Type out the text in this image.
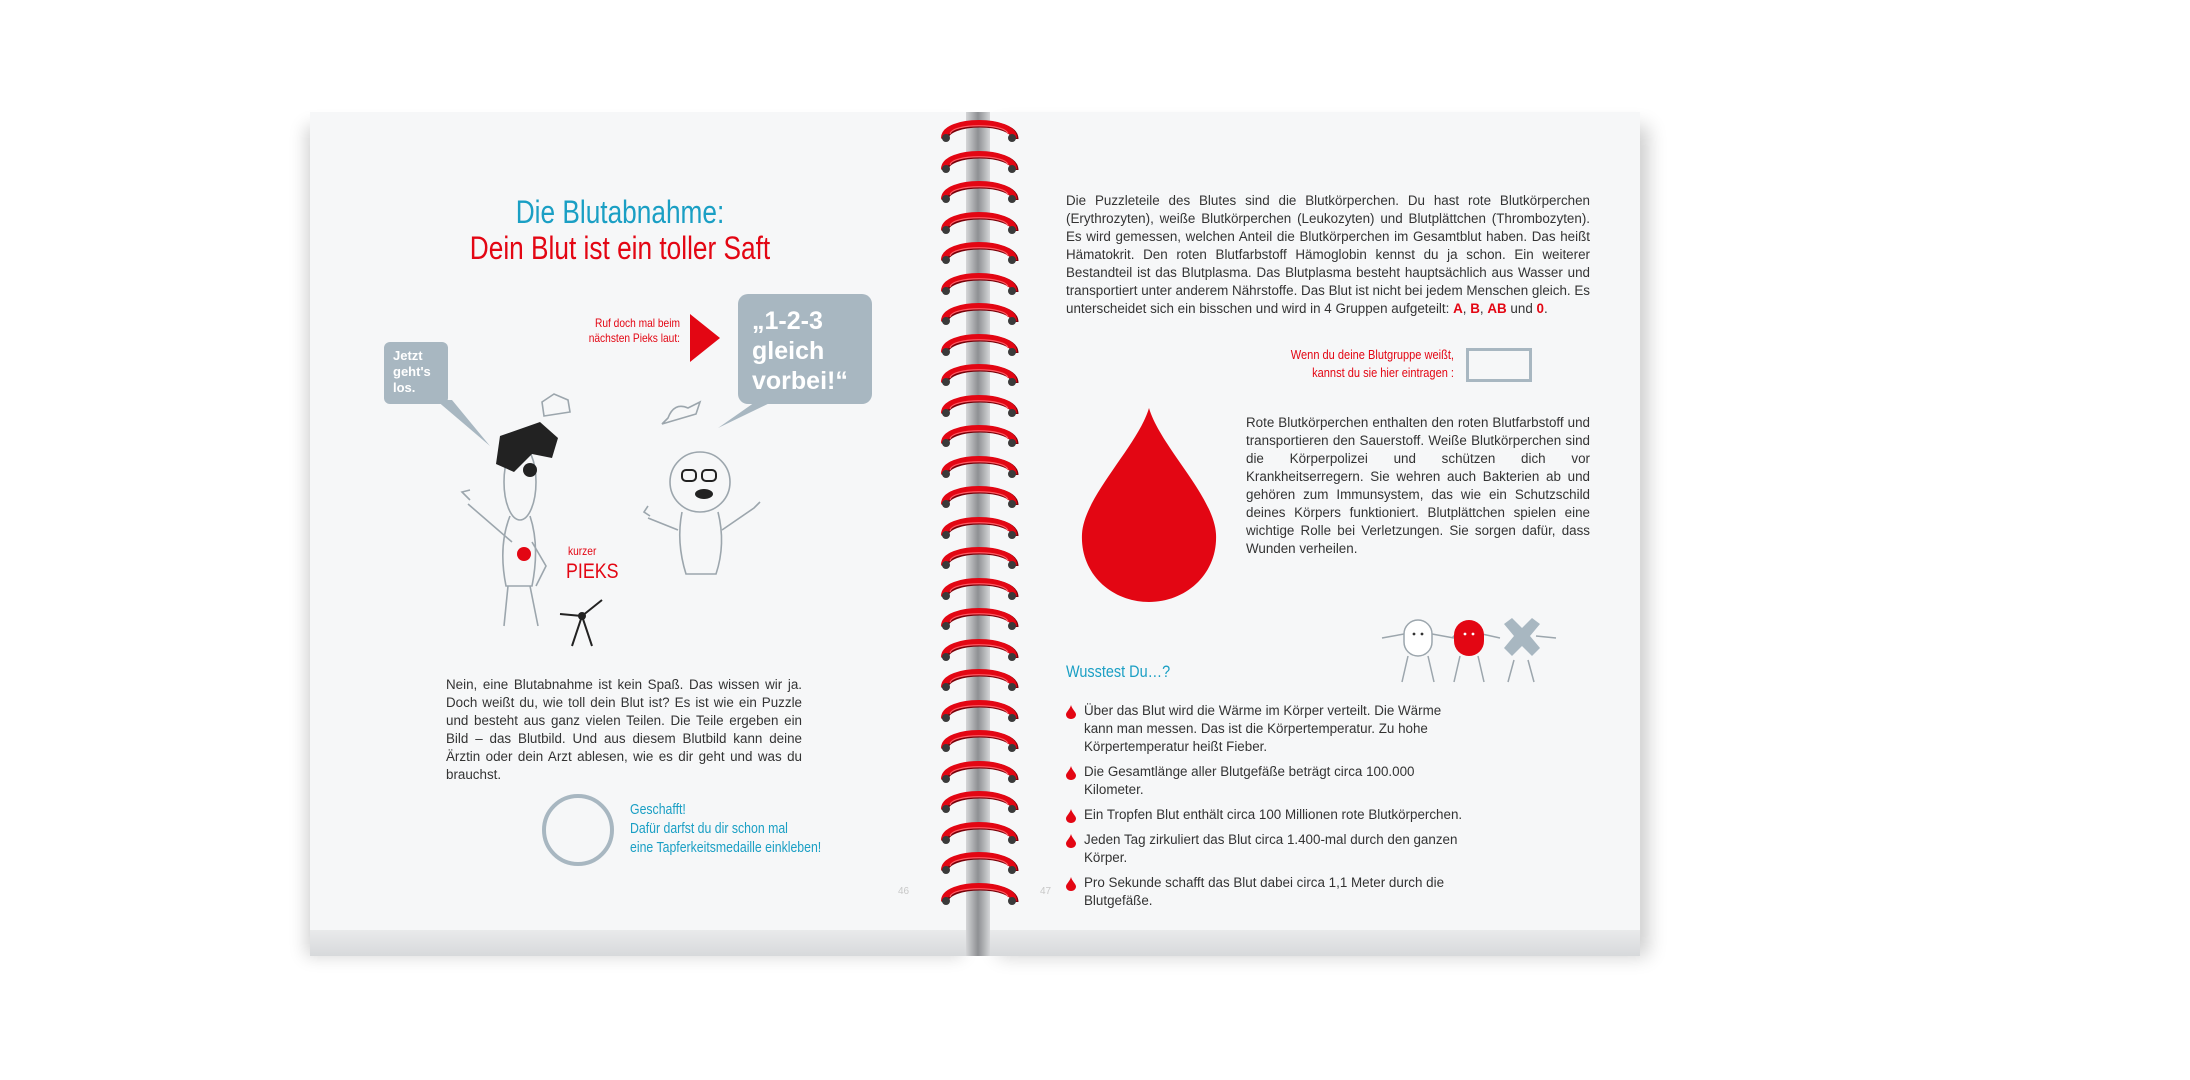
Die Blutabnahme:
Dein Blut ist ein toller Saft
Ruf doch mal beim nächsten Pieks laut:
„1-2-3 gleich vorbei!“
Jetzt geht's los.
kurzer
PIEKS
Nein, eine Blutabnahme ist kein Spaß. Das wissen wir ja. Doch weißt du, wie toll dein Blut ist? Es ist wie ein Puzzle und besteht aus ganz vielen Teilen. Die Teile ergeben ein Bild – das Blutbild. Und aus diesem Blutbild kann deine Ärztin oder dein Arzt ablesen, wie es dir geht und was du brauchst.
Geschafft!
Dafür darfst du dir schon mal
eine Tapferkeitsmedaille einkleben!
46
Die Puzzleteile des Blutes sind die Blutkörperchen. Du hast rote Blutkörperchen (Erythrozyten), weiße Blutkörperchen (Leukozyten) und Blutplättchen (Thrombozyten). Es wird gemessen, welchen Anteil die Blutkörperchen im Gesamtblut haben. Das heißt Hämatokrit. Den roten Blutfarbstoff Hämoglobin kennst du ja schon. Ein weiterer Bestandteil ist das Blutplasma. Das Blutplasma besteht hauptsächlich aus Wasser und transportiert unter anderem Nährstoffe. Das Blut ist nicht bei jedem Menschen gleich. Es unterscheidet sich ein bisschen und wird in 4 Gruppen aufgeteilt: A, B, AB und 0.
Wenn du deine Blutgruppe weißt,
kannst du sie hier eintragen :
Rote Blutkörperchen enthalten den roten Blutfarbstoff und transportieren den Sauerstoff. Weiße Blutkörperchen sind die Körperpolizei und schützen dich vor Krankheitserregern. Sie wehren auch Bakterien ab und gehören zum Immunsystem, das wie ein Schutzschild deines Körpers funktioniert. Blutplättchen spielen eine wichtige Rolle bei Verletzungen. Sie sorgen dafür, dass Wunden verheilen.
Wusstest Du…?
Über das Blut wird die Wärme im Körper verteilt. Die Wärme kann man messen. Das ist die Körpertemperatur. Zu hohe Körpertemperatur heißt Fieber.
Die Gesamtlänge aller Blutgefäße beträgt circa 100.000 Kilometer.
Ein Tropfen Blut enthält circa 100 Millionen rote Blutkörperchen.
Jeden Tag zirkuliert das Blut circa 1.400-mal durch den ganzen Körper.
Pro Sekunde schafft das Blut dabei circa 1,1 Meter durch die Blutgefäße.
47
